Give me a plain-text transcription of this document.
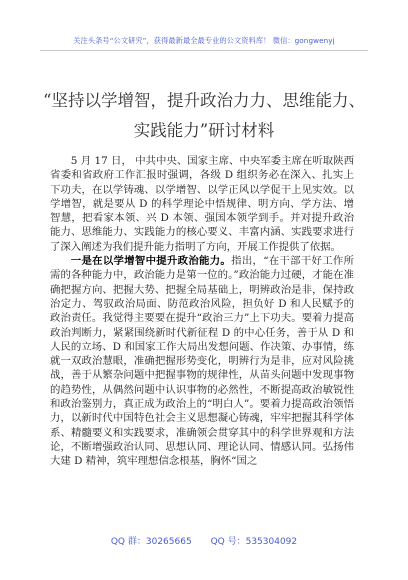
关注头条号“公文研究”，获得最新最全最专业的公文资料库！ 微信：gongwenyj
“坚持以学增智，提升政治力力、思维能力、
实践能力”研讨材料

5 月 17 日， 中共中央、国家主席、中央军委主席在听取陕西省委和省政府工作汇报时强调，各级 D 组织务必在深入、扎实上下功夫，在以学铸魂、以学增智、以学正风以学促干上见实效。以学增智，就是要从 D 的科学理论中悟规律、明方向、学方法、增智慧，把看家本领、兴 D 本领、强国本领学到手。并对提升政治能力、思维能力、实践能力的核心要义、丰富内涵、实践要求进行了深入阐述为我们提升能力指明了方向，开展工作提供了依据。

一是在以学增智中提升政治能力。指出，“在干部干好工作所需的各种能力中，政治能力是第一位的。”政治能力过硬，才能在准确把握方向、把握大势、把握全局基础上，明辨政治是非，保持政治定力、驾驭政治局面、防范政治风险，担负好 D 和人民赋予的政治责任。我觉得主要要在提升“政治三力”上下功夫。要着力提高政治判断力，紧紧围绕新时代新征程 D 的中心任务，善于从 D 和人民的立场、D 和国家工作大局出发想问题、作决策、办事情，练就一双政治慧眼，准确把握形势变化，明辨行为是非，应对风险挑战，善于从繁杂问题中把握事物的规律性，从苗头问题中发现事物的趋势性，从偶然问题中认识事物的必然性，不断提高政治敏锐性和政治鉴别力，真正成为政治上的“明白人”。要着力提高政治领悟力，以新时代中国特色社会主义思想凝心铸魂，牢牢把握其科学体系、精髓要义和实践要求，准确领会贯穿其中的科学世界观和方法论，不断增强政治认同、思想认同、理论认同、情感认同。弘扬伟大建 D 精神，筑牢理想信念根基，胸怀“国之

QQ 群：30265665 QQ 号：535304092
